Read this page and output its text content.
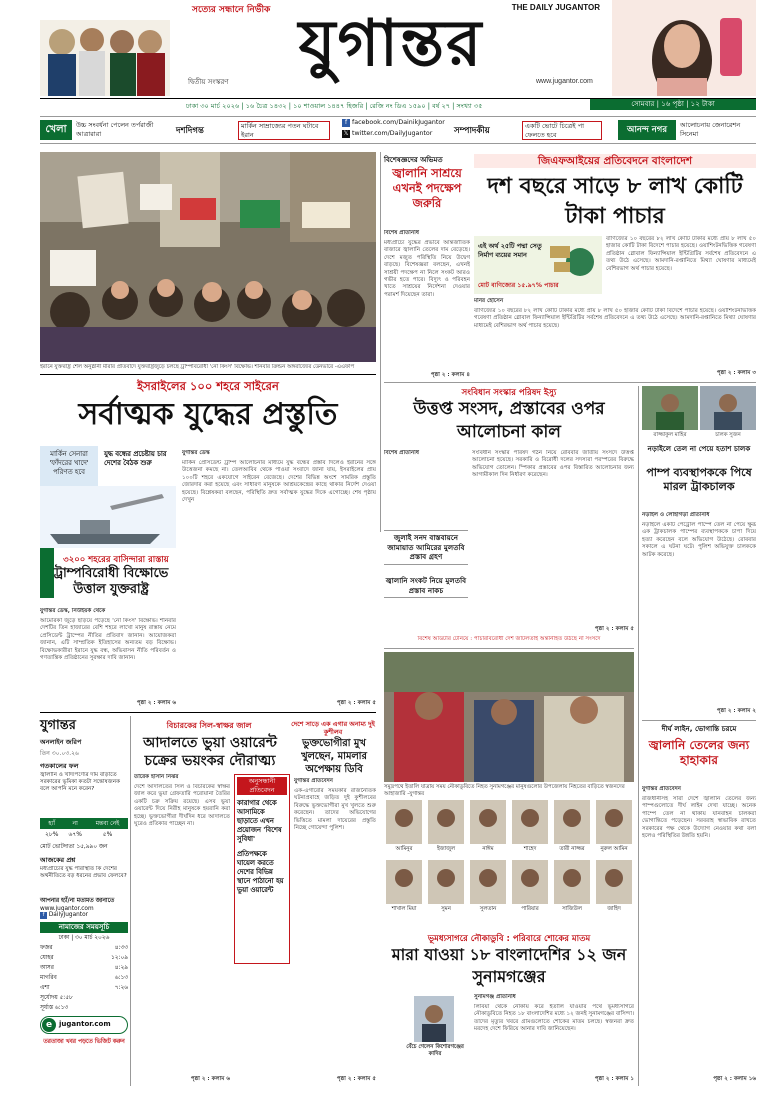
সত্যের সন্ধানে নির্ভীক	THE DAILY JUGANTOR
যুগান্তর
দ্বিতীয় সংস্করণ	www.jugantor.com
ঢাকা ৩০ মার্চ ২০২৬ | ১৬ চৈত্র ১৪৩২ | ১০ শাওয়াল ১৪৪৭ হিজরি | রেজি নং ডিএ ১৫৯০ | বর্ষ ২৭ | সংখ্যা ৩৫	সোমবার | ১৬ পৃষ্ঠা | ১২ টাকা
খেলা	উচ্চ সংবর্ধনা পেলেন তর্পরাজী আত্রারারা	দশদিগন্ত	মার্কিন সাম্রাজ্যের পতন ঘটাবে ইরান
f facebook.com/DainikJugantor
𝕏 twitter.com/DailyJugantor	সম্পাদকীয়	একটি ভোটে চিত্রেই পা ফেলতে হবে	আনন্দ নগর	আলোচনায় জেনারেশন সিনেমা
ইরানে যুক্তরাষ্ট্র শেল অনুষ্ঠানী মীরার প্রতিবাদে যুক্তরাষ্ট্রজুড়ে চলছে ট্রাম্পবিরোধী 'নো কিংস' বিক্ষোভ। শনিবার ক্রিন্ডন অঙ্গরাজ্যের ডেনভারে -এএফপি
ইসরাইলের ১০০ শহরে সাইরেন
সর্বাত্মক যুদ্ধের প্রস্তুতি
মার্কিন সেনারা 'ফাঁদরের খাদে' পরিণত হবে
যুদ্ধ বন্ধের প্রচেষ্টায় চার দেশের বৈঠক শুরু
৩২০০ শহরের বাসিন্দারা রাস্তায়
ট্রাম্পবিরোধী বিক্ষোভে উত্তাল যুক্তরাষ্ট্র
যুগান্তর ডেস্ক, নিউইয়র্ক থেকে
আমেরিকা জুড়ে ছড়িয়ে পড়েছে 'নো কিংস' বিক্ষোভ। শনিবার দেশটির তিন হাজারের বেশি শহরে লাখো মানুষ রাস্তায় নেমে প্রেসিডেন্ট ট্রাম্পের নীতির প্রতিবাদ জানান। আয়োজকরা জানান, এটি সাম্প্রতিক ইতিহাসের অন্যতম বড় বিক্ষোভ। বিক্ষোভকারীরা ইরানে যুদ্ধ বন্ধ, অভিবাসন নীতি পরিবর্তন ও গণতান্ত্রিক প্রতিষ্ঠানের সুরক্ষার দাবি জানান।
পৃষ্ঠা ২ : কলাম ৬
যুগান্তর ডেস্ক
মার্কিন প্রেসিডেন্ট ট্রাম্প আলোচনার মাধ্যমে যুদ্ধ বন্ধের প্রস্তাব দিলেও ইরানের সঙ্গে উত্তেজনা কমছে না। তেলআবিব থেকে পাওয়া সংবাদে জানা যায়, ইসরাইলের প্রায় ১০০টি শহরে একযোগে সাইরেন বেজেছে। দেশের বিভিন্ন অংশে সামরিক প্রস্তুতি জোরদার করা হয়েছে এবং সাধারণ মানুষকে আশ্রয়কেন্দ্রের কাছে থাকার নির্দেশ দেওয়া হয়েছে। বিশ্লেষকরা বলছেন, পরিস্থিতি দ্রুত সর্বাত্মক যুদ্ধের দিকে এগোচ্ছে। শেষ পৃষ্ঠায় দেখুন
পৃষ্ঠা ২ : কলাম ৫
যুগান্তর
অনলাইন জরিপ
তিন ৩০.০৩.২৬
গতকালের ফল
জ্বালানি ও খাদ্যপণ্যের দাম বাড়াতে সরকারের ভূমিকা কতটা সন্তোষজনক বলে আপনি মনে করেন?
হ্যাঁ	না	মন্তব্য নেই
২৮%	৬৭%	৫%
মোট ভোটদাতা ১৫,৯৯০ জন
আজকের প্রশ্ন
মধ্যপ্রাচ্যের যুদ্ধ পরিস্থিতি কি দেশের অর্থনীতিতে বড় ধরনের প্রভাব ফেলবে?
আপনার হ্যাঁ/না মতামত জানাতে
www.jugantor.com
f DailyJugantor
নামাজের সময়সূচি
ঢাকা | ৩০ মার্চ ২০২৬
ফজর	৪:৩৩
যোহর	১২:০৯
আসর	৪:২৯
মাগরিব	৬:১৩
এশা	৭:২৬
সূর্যোদয় ৫:৫৮
সূর্যাস্ত ৬:১৩
e jugantor.com
তরতাজা খবর পড়তে ভিজিট করুন
বিচারকের সিল-স্বাক্ষর জাল
আদালতে ভুয়া ওয়ারেন্ট চক্রের ভয়ংকর দৌরাত্ম্য
তারেক হাসান নির্ঝর
দেশে আদালতের সিল ও বিচারকের স্বাক্ষর জাল করে ভুয়া গ্রেফতারি পরোয়ানা তৈরির একটি চক্র সক্রিয় রয়েছে। এসব ভুয়া ওয়ারেন্ট দিয়ে নিরীহ মানুষকে হয়রানি করা হচ্ছে। ভুক্তভোগীরা দীর্ঘদিন ধরে আদালতে ঘুরেও প্রতিকার পাচ্ছেন না।
পৃষ্ঠা ২ : কলাম ৬
অনুসন্ধানী প্রতিবেদন
কারাগার থেকে আসামিকে ছাড়াতে এখন প্রয়োজন 'বিশেষ সুবিধা'
প্রতিপক্ষকে ঘায়েল করতে দেশের বিভিন্ন স্থানে পাঠানো হয় ভুয়া ওয়ারেন্ট
দেশে সাড়ে এক এগার অনাম্য দুই কুশীলব
ভুক্তভোগীরা মুখ খুলছেন, মামলার অপেক্ষায় ডিবি
যুগান্তর প্রতিবেদন
এক-এগারোর সময়কার রাজনৈতিক ঘটনাপ্রবাহে জড়িত দুই কুশীলবের বিরুদ্ধে ভুক্তভোগীরা মুখ খুলতে শুরু করেছেন। তাদের অভিযোগের ভিত্তিতে মামলা দায়েরের প্রস্তুতি নিচ্ছে গোয়েন্দা পুলিশ।
পৃষ্ঠা ২ : কলাম ৫
বিশেষজ্ঞদের অভিমত
জ্বালানি সাশ্রয়ে এখনই পদক্ষেপ জরুরি
বিশেষ প্রতিনিধি
মধ্যপ্রাচ্যে যুদ্ধের প্রভাবে আন্তর্জাতিক বাজারে জ্বালানি তেলের দাম বেড়েছে। দেশে মজুত পরিস্থিতি নিয়ে উদ্বেগ বাড়ছে। বিশেষজ্ঞরা বলছেন, এখনই সাশ্রয়ী পদক্ষেপ না নিলে সংকট আরও গভীর হতে পারে। বিদ্যুৎ ও পরিবহন খাতে সাশ্রয়ের নির্দেশনা দেওয়ার পরামর্শ দিয়েছেন তারা।
পৃষ্ঠা ২ : কলাম ৪
জিএফআইয়ের প্রতিবেদনে বাংলাদেশ
দশ বছরে সাড়ে ৮ লাখ কোটি টাকা পাচার
এই অর্থ ২৫টি পদ্মা সেতু নির্মাণ ব্যয়ের সমান
মোট বাণিজ্যের ১৫.৯৭% পাচার
মনির হোসেন
বাণিজ্যের ১০ বছরের ৮২ লাখ কোটি টাকার মধ্যে প্রায় ৮ লাখ ৫০ হাজার কোটি টাকা বিদেশে পাচার হয়েছে। ওয়াশিংটনভিত্তিক গবেষণা প্রতিষ্ঠান গ্লোবাল ফিন্যান্সিয়াল ইন্টিগ্রিটির সর্বশেষ প্রতিবেদনে এ তথ্য উঠে এসেছে। আমদানি-রপ্তানিতে মিথ্যা ঘোষণার মাধ্যমেই বেশিরভাগ অর্থ পাচার হয়েছে।
পৃষ্ঠা ২ : কলাম ৩
বাণিজ্যের ১০ বছরের ৮২ লাখ কোটি টাকার মধ্যে প্রায় ৮ লাখ ৫০ হাজার কোটি টাকা বিদেশে পাচার হয়েছে। ওয়াশিংটনভিত্তিক গবেষণা প্রতিষ্ঠান গ্লোবাল ফিন্যান্সিয়াল ইন্টিগ্রিটির সর্বশেষ প্রতিবেদনে এ তথ্য উঠে এসেছে। আমদানি-রপ্তানিতে মিথ্যা ঘোষণার মাধ্যমেই বেশিরভাগ অর্থ পাচার হয়েছে।
সংবিধান সংস্কার পরিষদ ইস্যু
উত্তপ্ত সংসদ, প্রস্তাবের ওপর আলোচনা কাল
বিশেষ প্রতিনিধি
জুলাই সনদ বাস্তবায়নে জামায়াত আমিরের মুলতবি প্রস্তাব গ্রহণ
জ্বালানি সংকট নিয়ে মুলতবি প্রস্তাব নাকচ
সংবিধান সংস্কার পরিষদ গঠন নিয়ে রোববার জাতীয় সংসদে উত্তপ্ত আলোচনা হয়েছে। সরকারি ও বিরোধী দলের সদস্যরা পরস্পরের বিরুদ্ধে অভিযোগ তোলেন। স্পিকার প্রস্তাবের ওপর বিস্তারিত আলোচনার জন্য আগামীকাল দিন নির্ধারণ করেছেন।
বিশেষ অডিটরি টেনিয়ে : পাচারবিরোধী দেশ জটিলতাই অন্তর্নিহিত উঠছে না সংসদে
পৃষ্ঠা ২ : কলাম ৫
রাজ্জাকুল মাহির	চালক সুজন
নড়াইলে তেল না পেয়ে হতাশ চালক
পাম্প ব্যবস্থাপককে পিষে মারল ট্রাকচালক
নড়াইল ও লোহাগড়া প্রতিনিধি
নড়াইলে একটি পেট্রোল পাম্পে তেল না পেয়ে ক্ষুব্ধ এক ট্রাকচালক পাম্পের ব্যবস্থাপককে চাপা দিয়ে হত্যা করেছেন বলে অভিযোগ উঠেছে। রোববার সকালে এ ঘটনা ঘটে। পুলিশ অভিযুক্ত চালককে আটক করেছে।
পৃষ্ঠা ২ : কলাম ২
দীর্ঘ লাইন, ভোগান্তি চরমে
জ্বালানি তেলের জন্য হাহাকার
যুগান্তর প্রতিবেদন
রাজধানীসহ সারা দেশে জ্বালানি তেলের জন্য পাম্পগুলোতে দীর্ঘ লাইন দেখা যাচ্ছে। অনেক পাম্পে তেল না থাকায় যানবাহন চালকরা ভোগান্তিতে পড়েছেন। সরবরাহ স্বাভাবিক রাখতে সরকারের পক্ষ থেকে উদ্যোগ নেওয়ার কথা বলা হলেও পরিস্থিতির উন্নতি হয়নি।
পৃষ্ঠা ২ : কলাম ১৬
সমুদ্রপথে ইতালি যাত্রায় সময় নৌকাডুবিতে নিহত সুনামগঞ্জের মানুষগুলোর উপজেলায় নিহতের বাড়িতে স্বজনদের আহাজারি -যুগান্তর
আমিনুর	ইজাজুল	নাঈম	শাহেদ	তারী নাজ্জর	নুরুল আমিন
শাখাল মিয়া	সুমন	সুলতান	পারিয়ার	সাজিউল	জাহিদ
ভূমধ্যসাগরে নৌকাডুবি : পরিবারে শোকের মাতম
মারা যাওয়া ১৮ বাংলাদেশির ১২ জন সুনামগঞ্জের
সুনামগঞ্জ প্রতিনিধি
বেঁচে গেলেন কিশোরগঞ্জের কাদির
লিবিয়া থেকে নৌকায় করে ইতালি যাওয়ার পথে ভূমধ্যসাগরে নৌকাডুবিতে নিহত ১৮ বাংলাদেশির মধ্যে ১২ জনই সুনামগঞ্জের বাসিন্দা। তাদের মৃত্যুর খবরে গ্রামগুলোতে শোকের মাতম চলছে। স্বজনরা দ্রুত মরদেহ দেশে ফিরিয়ে আনার দাবি জানিয়েছেন।
পৃষ্ঠা ২ : কলাম ১
